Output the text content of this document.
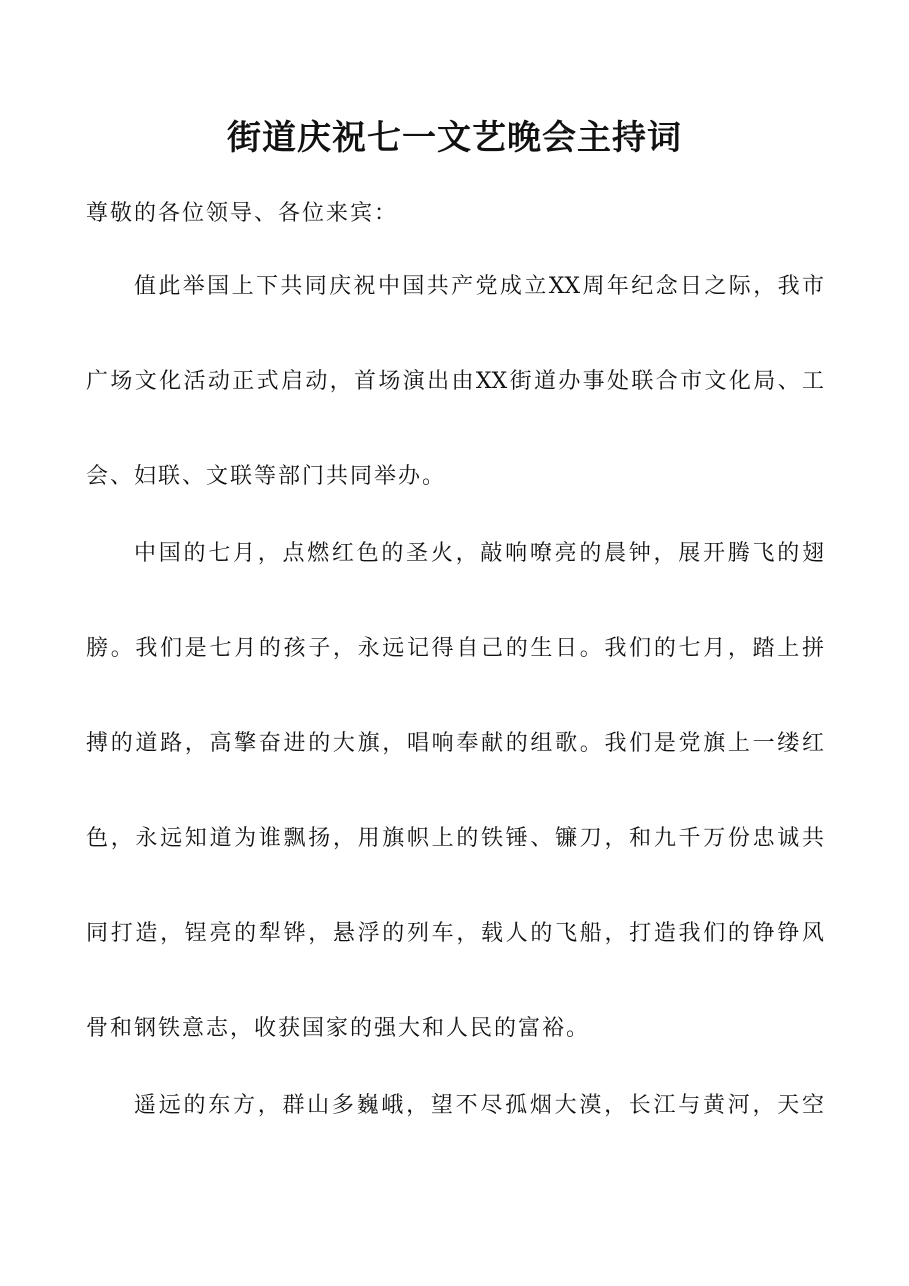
街道庆祝七一文艺晚会主持词

尊敬的各位领导、各位来宾：

值此举国上下共同庆祝中国共产党成立XX周年纪念日之际，我市

广场文化活动正式启动，首场演出由XX街道办事处联合市文化局、工

会、妇联、文联等部门共同举办。

中国的七月，点燃红色的圣火，敲响嘹亮的晨钟，展开腾飞的翅

膀。我们是七月的孩子，永远记得自己的生日。我们的七月，踏上拼

搏的道路，高擎奋进的大旗，唱响奉献的组歌。我们是党旗上一缕红

色，永远知道为谁飘扬，用旗帜上的铁锤、镰刀，和九千万份忠诚共

同打造，锃亮的犁铧，悬浮的列车，载人的飞船，打造我们的铮铮风

骨和钢铁意志，收获国家的强大和人民的富裕。

遥远的东方，群山多巍峨，望不尽孤烟大漠，长江与黄河，天空
